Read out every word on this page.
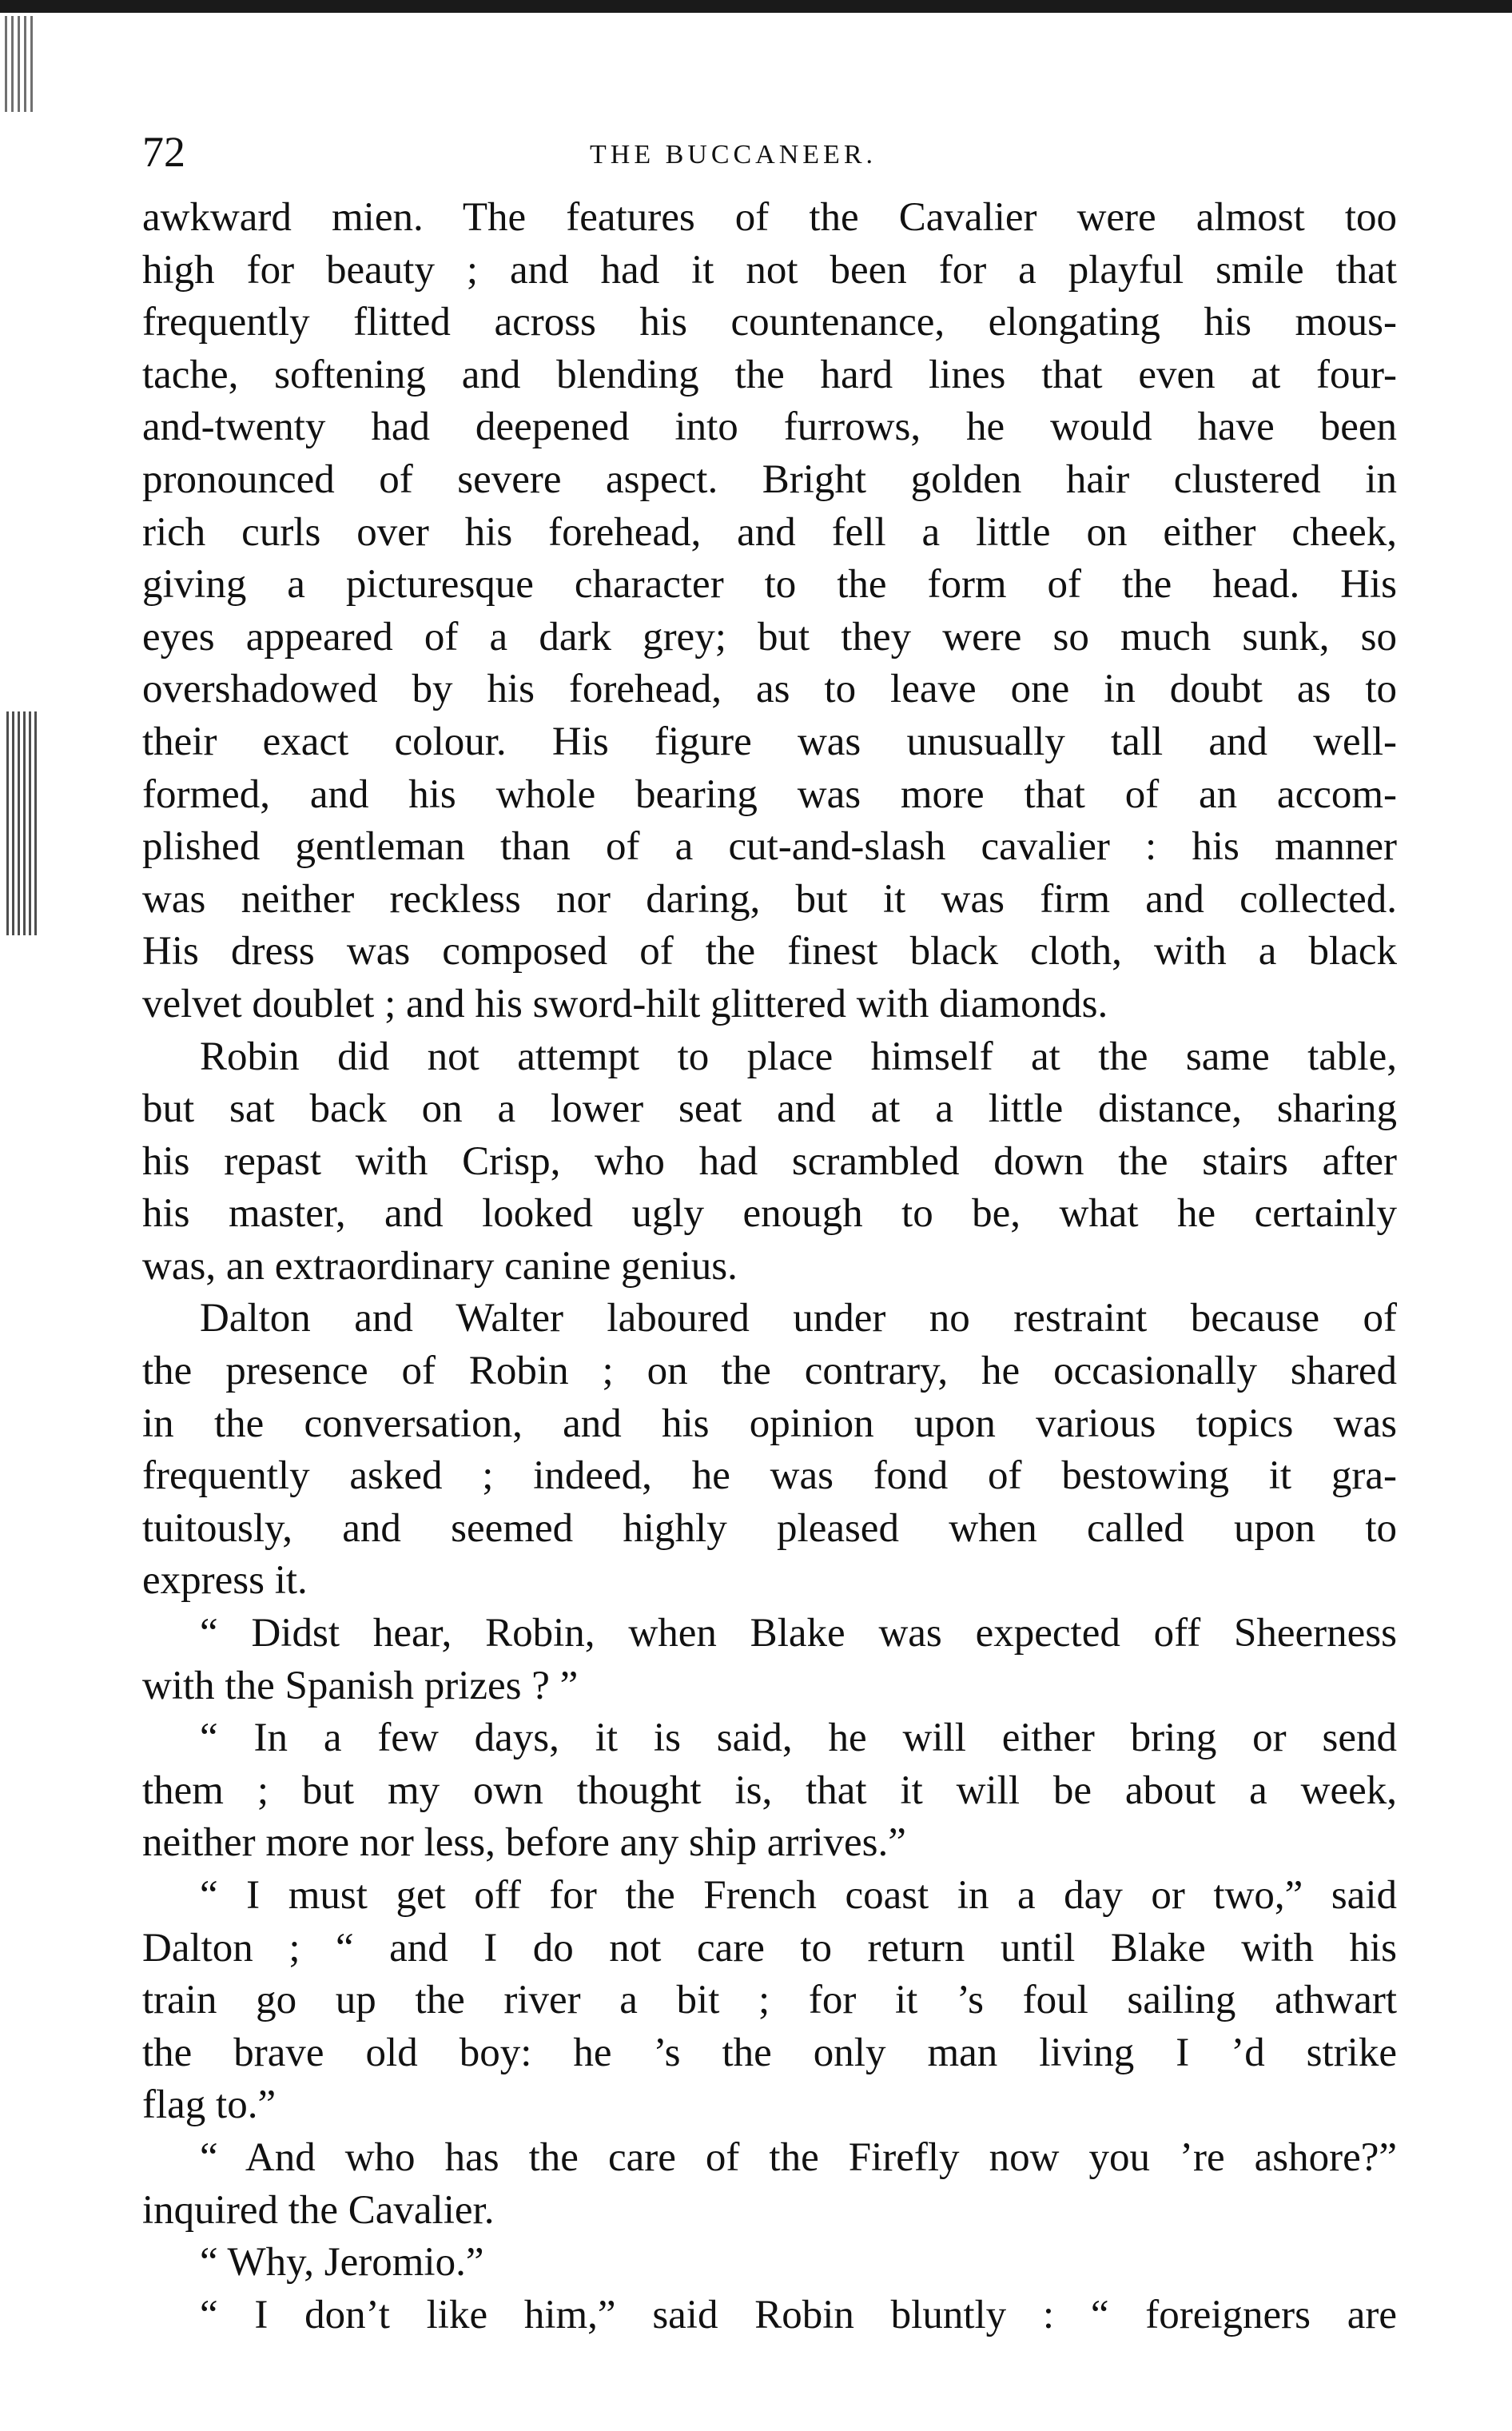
72	THE BUCCANEER.

awkward mien. The features of the Cavalier were almost too
high for beauty ; and had it not been for a playful smile that
frequently flitted across his countenance, elongating his mous-
tache, softening and blending the hard lines that even at four-
and-twenty had deepened into furrows, he would have been
pronounced of severe aspect. Bright golden hair clustered in
rich curls over his forehead, and fell a little on either cheek,
giving a picturesque character to the form of the head. His
eyes appeared of a dark grey; but they were so much sunk, so
overshadowed by his forehead, as to leave one in doubt as to
their exact colour. His figure was unusually tall and well-
formed, and his whole bearing was more that of an accom-
plished gentleman than of a cut-and-slash cavalier : his manner
was neither reckless nor daring, but it was firm and collected.
His dress was composed of the finest black cloth, with a black
velvet doublet ; and his sword-hilt glittered with diamonds.

Robin did not attempt to place himself at the same table,
but sat back on a lower seat and at a little distance, sharing
his repast with Crisp, who had scrambled down the stairs after
his master, and looked ugly enough to be, what he certainly
was, an extraordinary canine genius.

Dalton and Walter laboured under no restraint because of
the presence of Robin ; on the contrary, he occasionally shared
in the conversation, and his opinion upon various topics was
frequently asked ; indeed, he was fond of bestowing it gra-
tuitously, and seemed highly pleased when called upon to
express it.

“ Didst hear, Robin, when Blake was expected off Sheerness
with the Spanish prizes ? ”

“ In a few days, it is said, he will either bring or send
them ; but my own thought is, that it will be about a week,
neither more nor less, before any ship arrives.”

“ I must get off for the French coast in a day or two,” said
Dalton ; “ and I do not care to return until Blake with his
train go up the river a bit ; for it ’s foul sailing athwart
the brave old boy: he ’s the only man living I ’d strike
flag to.”

“ And who has the care of the Firefly now you ’re ashore?”
inquired the Cavalier.

“ Why, Jeromio.”

“ I don’t like him,” said Robin bluntly : “ foreigners are
